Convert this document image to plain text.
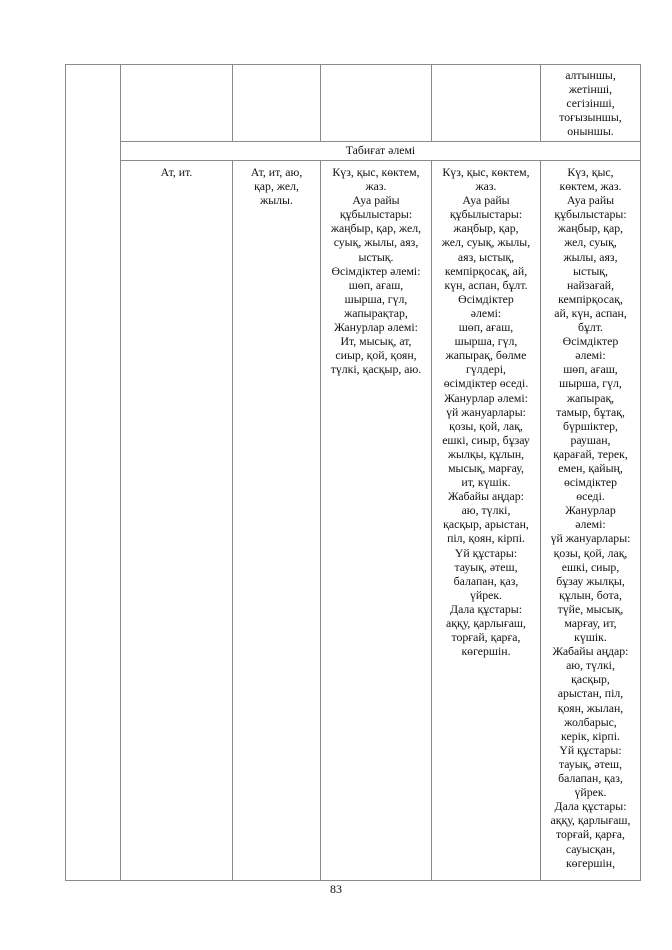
алтыншы,
жетінші,
сегізінші,
тоғызыншы,
оныншы.
Табиғат әлемі
Ат, ит.	Ат, ит, аю,
қар, жел,
жылы.
Күз, қыс, көктем,
жаз.
Ауа райы
құбылыстары:
жаңбыр, қар, жел,
суық, жылы, аяз,
ыстық.
Өсімдіктер әлемі:
шөп, ағаш,
шырша, гүл,
жапырақтар,
Жанурлар әлемі:
Ит, мысық, ат,
сиыр, қой, қоян,
түлкі, қасқыр, аю.
Күз, қыс, көктем,
жаз.
Ауа райы
құбылыстары:
жаңбыр, қар,
жел, суық, жылы,
аяз, ыстық,
кемпірқосақ, ай,
күн, аспан, бұлт.
Өсімдіктер
әлемі:
шөп, ағаш,
шырша, гүл,
жапырақ, бөлме
гүлдері,
өсімдіктер өседі.
Жанурлар әлемі:
үй жануарлары:
қозы, қой, лақ,
ешкі, сиыр, бұзау
жылқы, құлын,
мысық, марғау,
ит, күшік.
Жабайы аңдар:
аю, түлкі,
қасқыр, арыстан,
піл, қоян, кірпі.
Үй құстары:
тауық, әтеш,
балапан, қаз,
үйрек.
Дала құстары:
аққу, қарлығаш,
торғай, қарға,
көгершін.
Күз, қыс,
көктем, жаз.
Ауа райы
құбылыстары:
жаңбыр, қар,
жел, суық,
жылы, аяз,
ыстық,
найзағай,
кемпірқосақ,
ай, күн, аспан,
бұлт.
Өсімдіктер
әлемі:
шөп, ағаш,
шырша, гүл,
жапырақ,
тамыр, бұтақ,
бүршіктер,
раушан,
қарағай, терек,
емен, қайың,
өсімдіктер
өседі.
Жанурлар
әлемі:
үй жануарлары:
қозы, қой, лақ,
ешкі, сиыр,
бұзау жылқы,
құлын, бота,
түйе, мысық,
марғау, ит,
күшік.
Жабайы аңдар:
аю, түлкі,
қасқыр,
арыстан, піл,
қоян, жылан,
жолбарыс,
керік, кірпі.
Үй құстары:
тауық, әтеш,
балапан, қаз,
үйрек.
Дала құстары:
аққу, қарлығаш,
торғай, қарға,
сауысқан,
көгершін,
83
